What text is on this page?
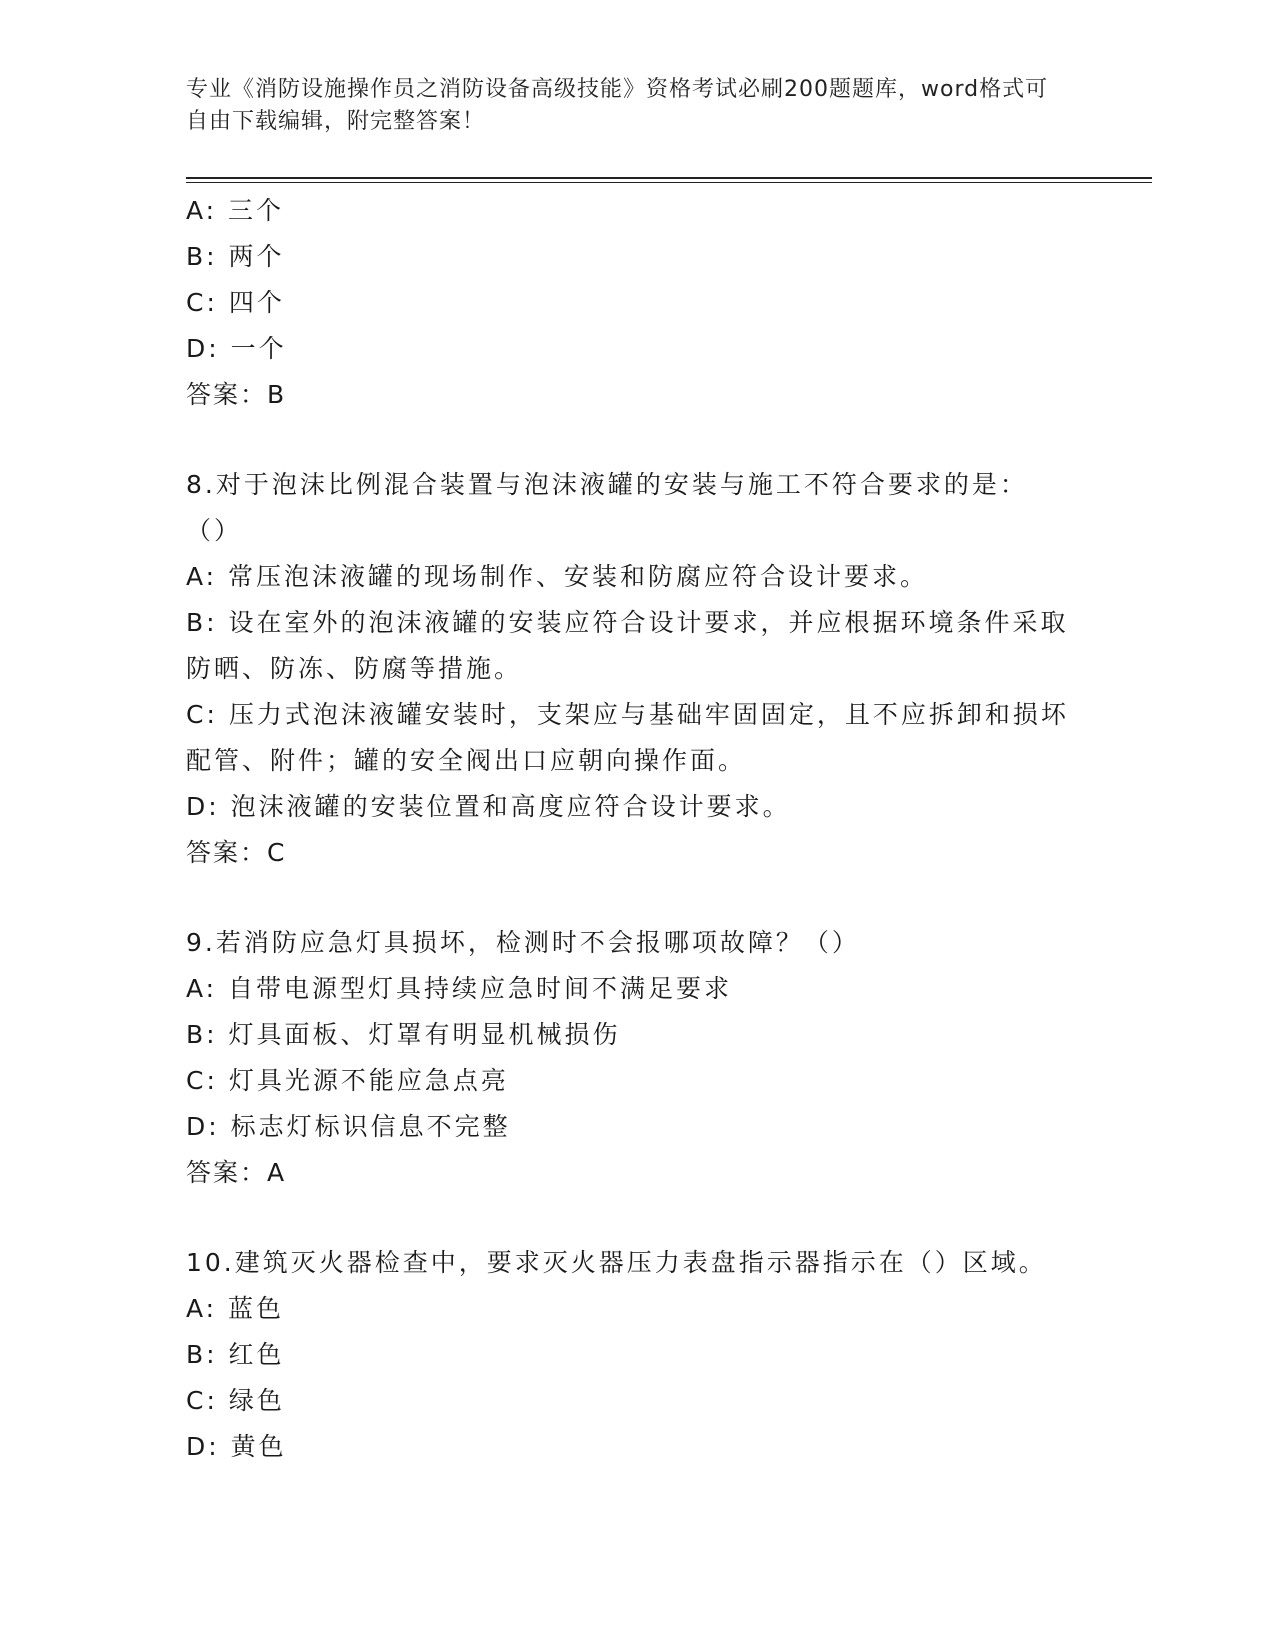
专业《消防设施操作员之消防设备高级技能》资格考试必刷200题题库，word格式可自由下载编辑，附完整答案！
A: 三个
B: 两个
C: 四个
D: 一个
答案：B
8.对于泡沫比例混合装置与泡沫液罐的安装与施工不符合要求的是：
（）
A: 常压泡沫液罐的现场制作、安装和防腐应符合设计要求。
B: 设在室外的泡沫液罐的安装应符合设计要求，并应根据环境条件采取防晒、防冻、防腐等措施。
C: 压力式泡沫液罐安装时，支架应与基础牢固固定，且不应拆卸和损坏配管、附件；罐的安全阀出口应朝向操作面。
D: 泡沫液罐的安装位置和高度应符合设计要求。
答案：C
9.若消防应急灯具损坏，检测时不会报哪项故障？（）
A: 自带电源型灯具持续应急时间不满足要求
B: 灯具面板、灯罩有明显机械损伤
C: 灯具光源不能应急点亮
D: 标志灯标识信息不完整
答案：A
10.建筑灭火器检查中，要求灭火器压力表盘指示器指示在（）区域。
A: 蓝色
B: 红色
C: 绿色
D: 黄色
